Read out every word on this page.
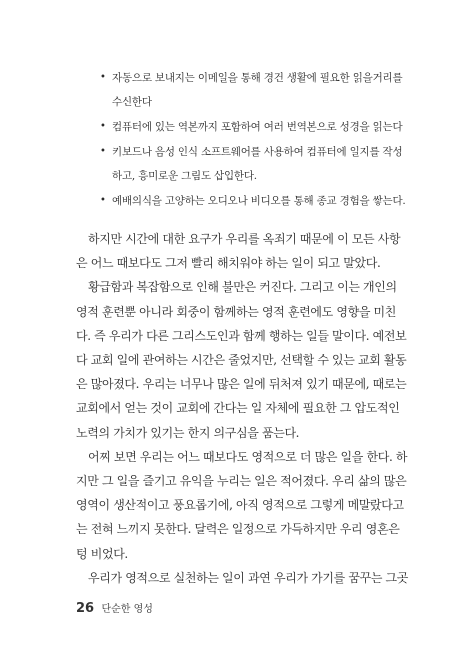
• 자동으로 보내지는 이메일을 통해 경건 생활에 필요한 읽을거리를
수신한다
• 컴퓨터에 있는 역본까지 포함하여 여러 번역본으로 성경을 읽는다
• 키보드나 음성 인식 소프트웨어를 사용하여 컴퓨터에 일지를 작성
하고, 흥미로운 그림도 삽입한다.
• 예배의식을 고양하는 오디오나 비디오를 통해 종교 경험을 쌓는다.
하지만 시간에 대한 요구가 우리를 옥죄기 때문에 이 모든 사항
은 어느 때보다도 그저 빨리 해치워야 하는 일이 되고 말았다.
황급함과 복잡함으로 인해 불만은 커진다. 그리고 이는 개인의
영적 훈련뿐 아니라 회중이 함께하는 영적 훈련에도 영향을 미친
다. 즉 우리가 다른 그리스도인과 함께 행하는 일들 말이다. 예전보
다 교회 일에 관여하는 시간은 줄었지만, 선택할 수 있는 교회 활동
은 많아졌다. 우리는 너무나 많은 일에 뒤처져 있기 때문에, 때로는
교회에서 얻는 것이 교회에 간다는 일 자체에 필요한 그 압도적인
노력의 가치가 있기는 한지 의구심을 품는다.
어찌 보면 우리는 어느 때보다도 영적으로 더 많은 일을 한다. 하
지만 그 일을 즐기고 유익을 누리는 일은 적어졌다. 우리 삶의 많은
영역이 생산적이고 풍요롭기에, 아직 영적으로 그렇게 메말랐다고
는 전혀 느끼지 못한다. 달력은 일정으로 가득하지만 우리 영혼은
텅 비었다.
우리가 영적으로 실천하는 일이 과연 우리가 가기를 꿈꾸는 그곳
26 단순한 영성
